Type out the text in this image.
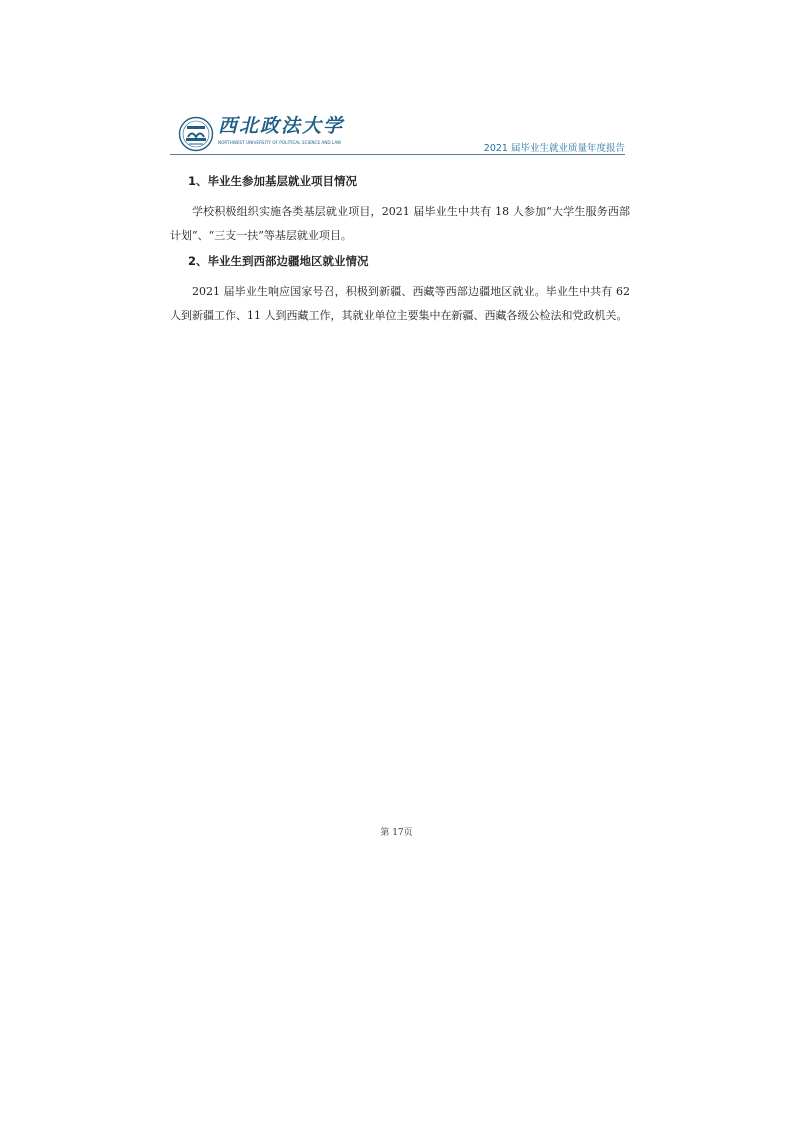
西北政法大学
NORTHWEST UNIVERSITY OF POLITICAL SCIENCE AND LAW
2021 届毕业生就业质量年度报告
1、毕业生参加基层就业项目情况

学校积极组织实施各类基层就业项目，2021 届毕业生中共有 18 人参加“大学生服务西部计划”、“三支一扶”等基层就业项目。

2、毕业生到西部边疆地区就业情况

2021 届毕业生响应国家号召，积极到新疆、西藏等西部边疆地区就业。毕业生中共有 62 人到新疆工作、11 人到西藏工作，其就业单位主要集中在新疆、西藏各级公检法和党政机关。

第 17页
